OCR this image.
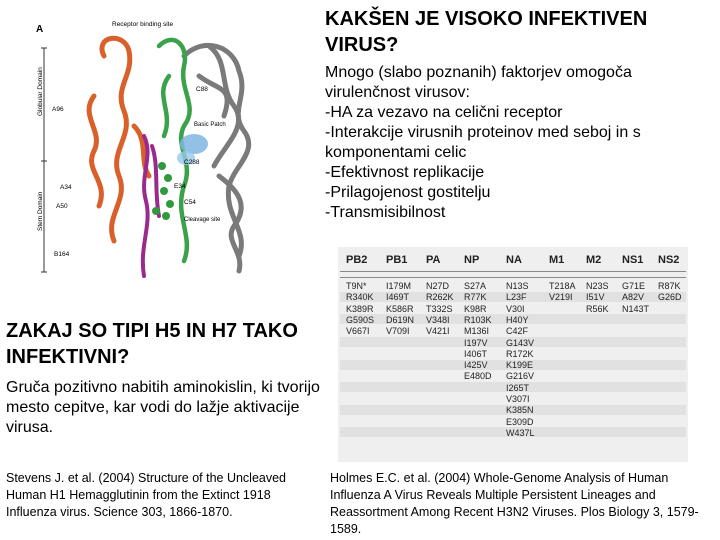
A
Globular Domain
Stem Domain
Receptor binding site
Basic Patch
Cleavage site
A96
C88
C288
A34	E34
A50
C54
B164
KAKŠEN JE VISOKO INFEKTIVEN VIRUS?
Mnogo (slabo poznanih) faktorjev omogoča
virulenčnost virusov:
-HA za vezavo na celični receptor
-Interakcije virusnih proteinov med seboj in s
komponentami celic
-Efektivnost replikacije
-Prilagojenost gostitelju
-Transmisibilnost
PB2
T9N*
R340K
K389R
G590S
V667I
PB1
I179M
I469T
K586R
D619N
V709I
PA
N27D
R262K
T332S
V348I
V421I
NP
S27A
R77K
K98R
R103K
M136I
I197V
I406T
I425V
E480D
NA
N13S
L23F
V30I
H40Y
C42F
G143V
R172K
K199E
G216V
I265T
V307I
K385N
E309D
W437L
M1
T218A
V219I
M2
N23S
I51V
R56K
NS1
G71E
A82V
N143T
NS2
R87K
G26D
ZAKAJ SO TIPI H5 IN H7 TAKO INFEKTIVNI?
Gruča pozitivno nabitih aminokislin, ki tvorijo mesto cepitve, kar vodi do lažje aktivacije virusa.
Stevens J. et al. (2004) Structure of the Uncleaved Human H1 Hemagglutinin from the Extinct 1918 Influenza virus. Science 303, 1866-1870.
Holmes E.C. et al. (2004) Whole-Genome Analysis of Human Influenza A Virus Reveals Multiple Persistent Lineages and Reassortment Among Recent H3N2 Viruses. Plos Biology 3, 1579-1589.
